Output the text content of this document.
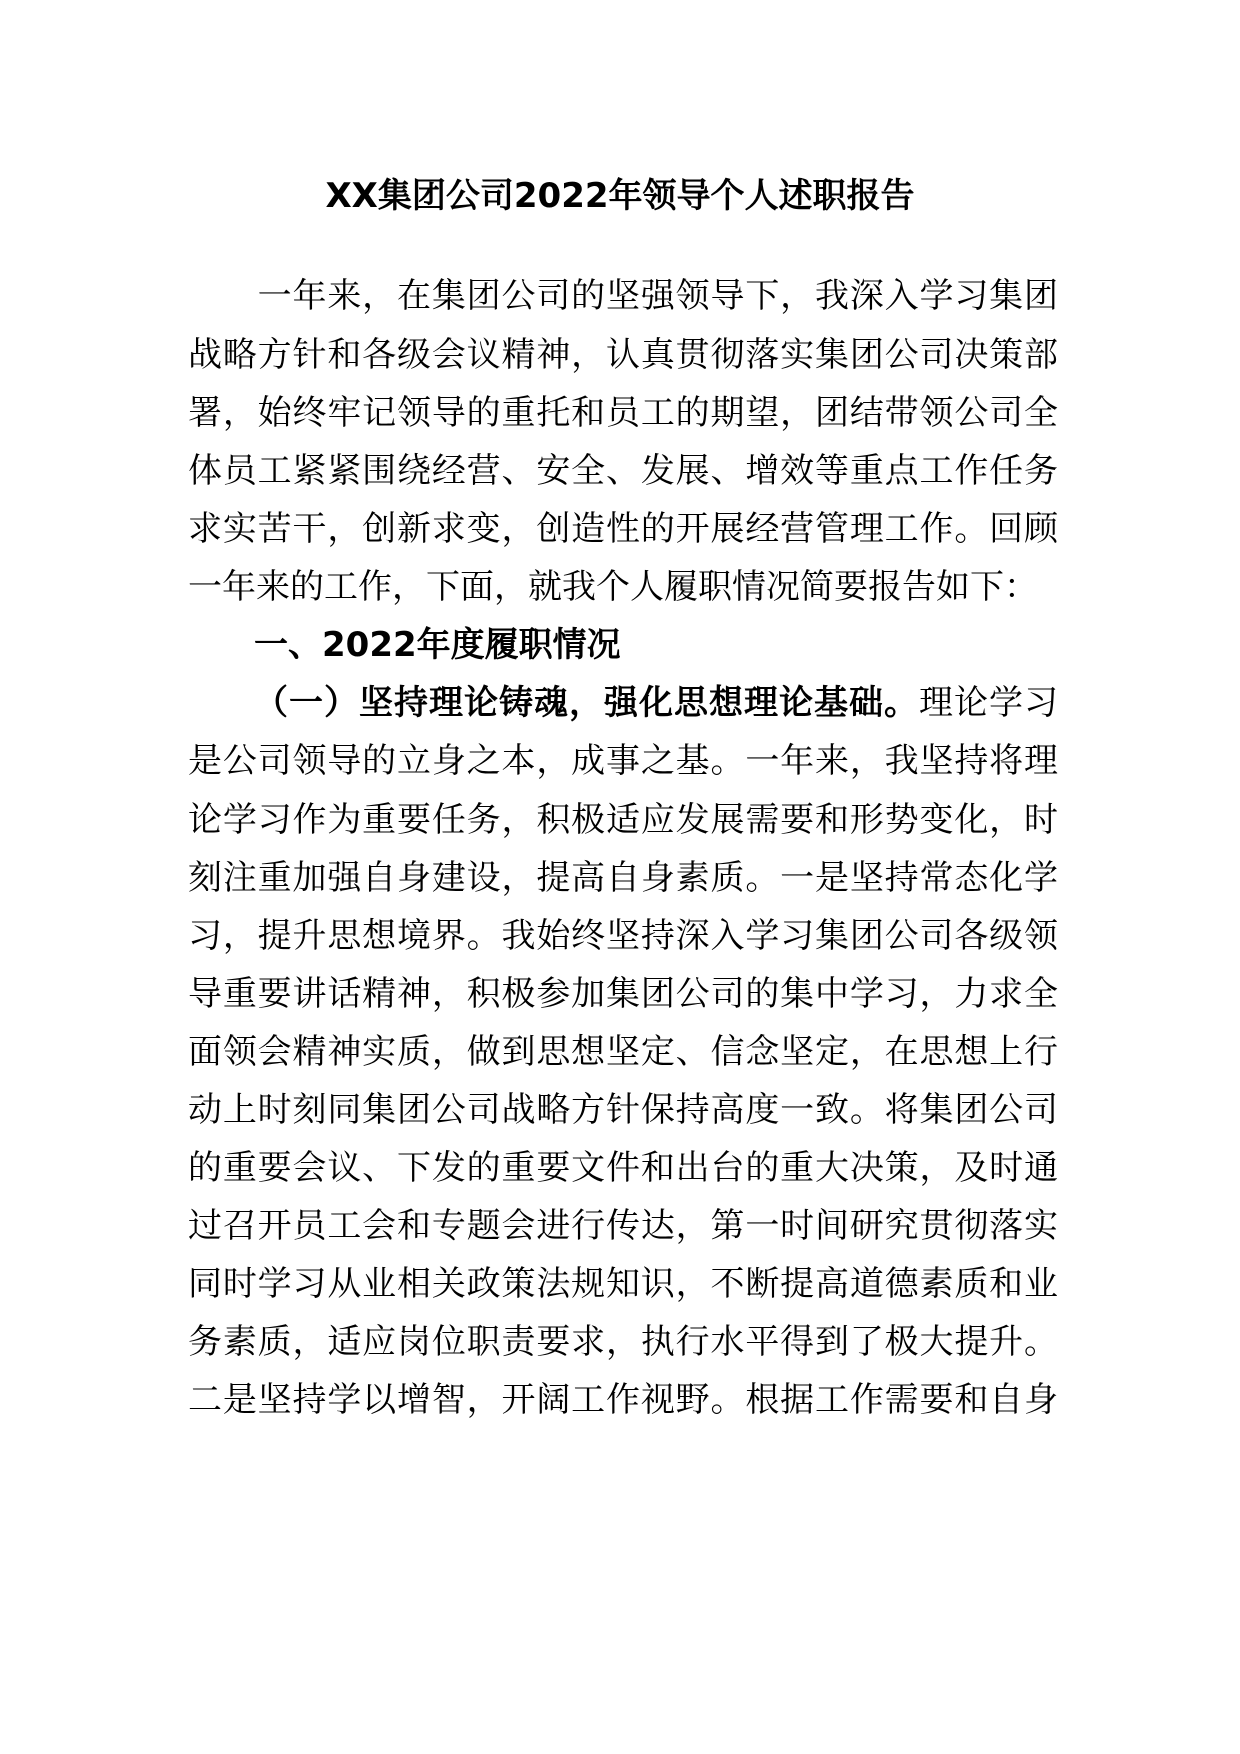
XX集团公司2022年领导个人述职报告
　　一年来，在集团公司的坚强领导下，我深入学习集团
战略方针和各级会议精神，认真贯彻落实集团公司决策部
署，始终牢记领导的重托和员工的期望，团结带领公司全
体员工紧紧围绕经营、安全、发展、增效等重点工作任务
求实苦干，创新求变，创造性的开展经营管理工作。回顾
一年来的工作，下面，就我个人履职情况简要报告如下：
一、2022年度履职情况
（一）坚持理论铸魂，强化思想理论基础。理论学习
是公司领导的立身之本，成事之基。一年来，我坚持将理
论学习作为重要任务，积极适应发展需要和形势变化，时
刻注重加强自身建设，提高自身素质。一是坚持常态化学
习，提升思想境界。我始终坚持深入学习集团公司各级领
导重要讲话精神，积极参加集团公司的集中学习，力求全
面领会精神实质，做到思想坚定、信念坚定，在思想上行
动上时刻同集团公司战略方针保持高度一致。将集团公司
的重要会议、下发的重要文件和出台的重大决策，及时通
过召开员工会和专题会进行传达，第一时间研究贯彻落实
同时学习从业相关政策法规知识，不断提高道德素质和业
务素质，适应岗位职责要求，执行水平得到了极大提升。
二是坚持学以增智，开阔工作视野。根据工作需要和自身
